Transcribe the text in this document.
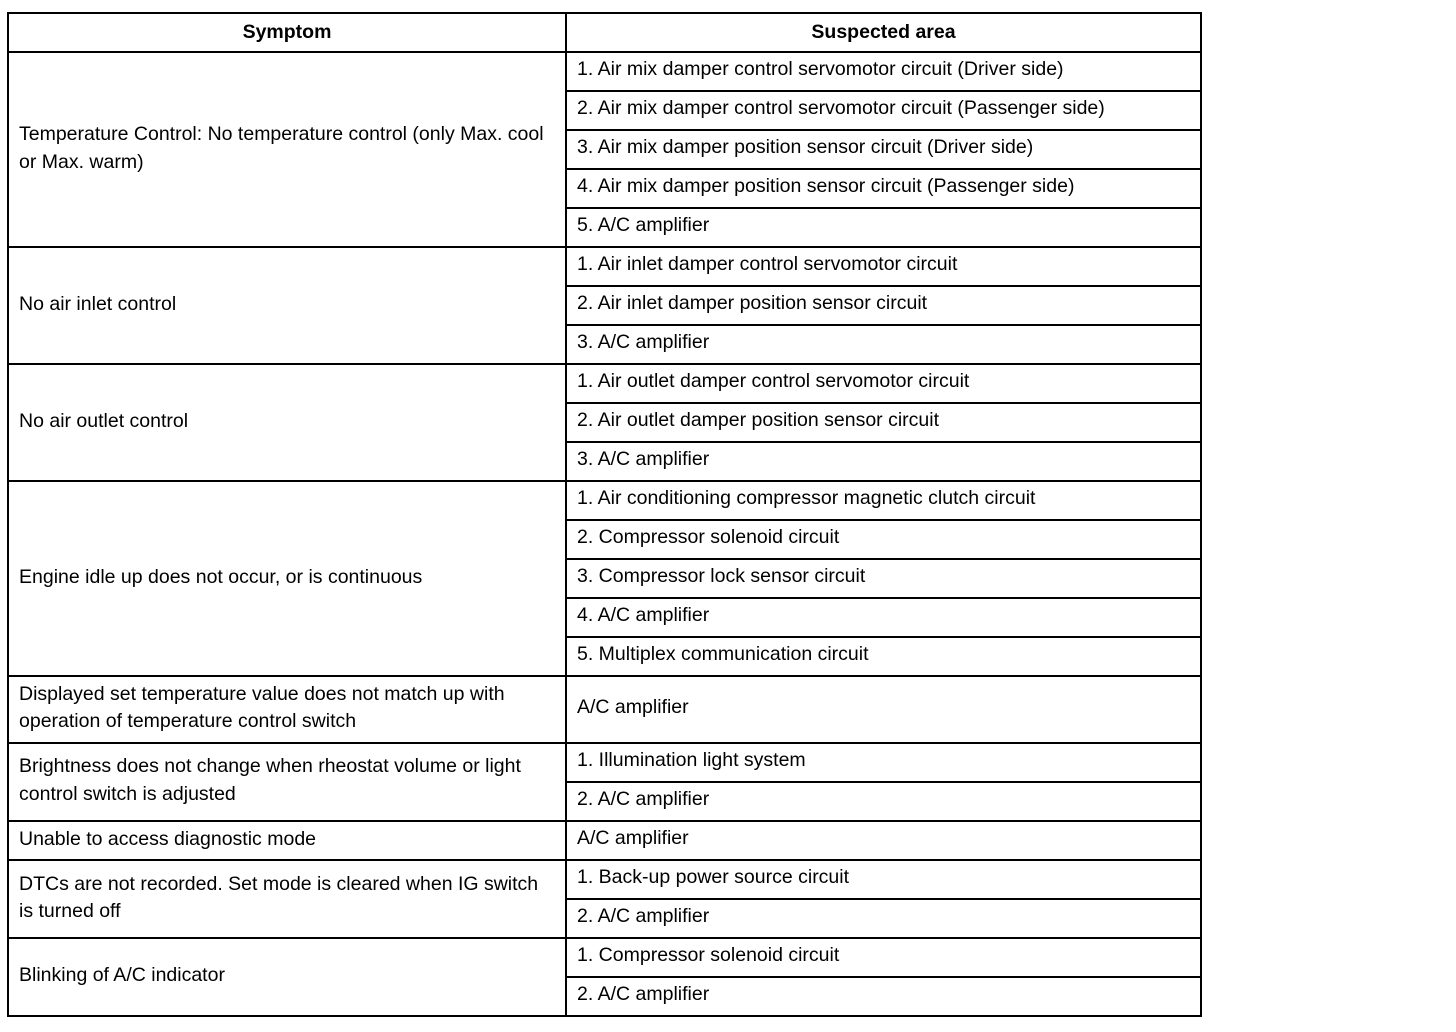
Symptom	Suspected area
Temperature Control: No temperature control (only Max. cool or Max. warm)	1. Air mix damper control servomotor circuit (Driver side)
	2. Air mix damper control servomotor circuit (Passenger side)
	3. Air mix damper position sensor circuit (Driver side)
	4. Air mix damper position sensor circuit (Passenger side)
	5. A/C amplifier
No air inlet control	1. Air inlet damper control servomotor circuit
	2. Air inlet damper position sensor circuit
	3. A/C amplifier
No air outlet control	1. Air outlet damper control servomotor circuit
	2. Air outlet damper position sensor circuit
	3. A/C amplifier
Engine idle up does not occur, or is continuous	1. Air conditioning compressor magnetic clutch circuit
	2. Compressor solenoid circuit
	3. Compressor lock sensor circuit
	4. A/C amplifier
	5. Multiplex communication circuit
Displayed set temperature value does not match up with operation of temperature control switch	A/C amplifier
Brightness does not change when rheostat volume or light control switch is adjusted	1. Illumination light system
	2. A/C amplifier
Unable to access diagnostic mode	A/C amplifier
DTCs are not recorded. Set mode is cleared when IG switch is turned off	1. Back-up power source circuit
	2. A/C amplifier
Blinking of A/C indicator	1. Compressor solenoid circuit
	2. A/C amplifier
